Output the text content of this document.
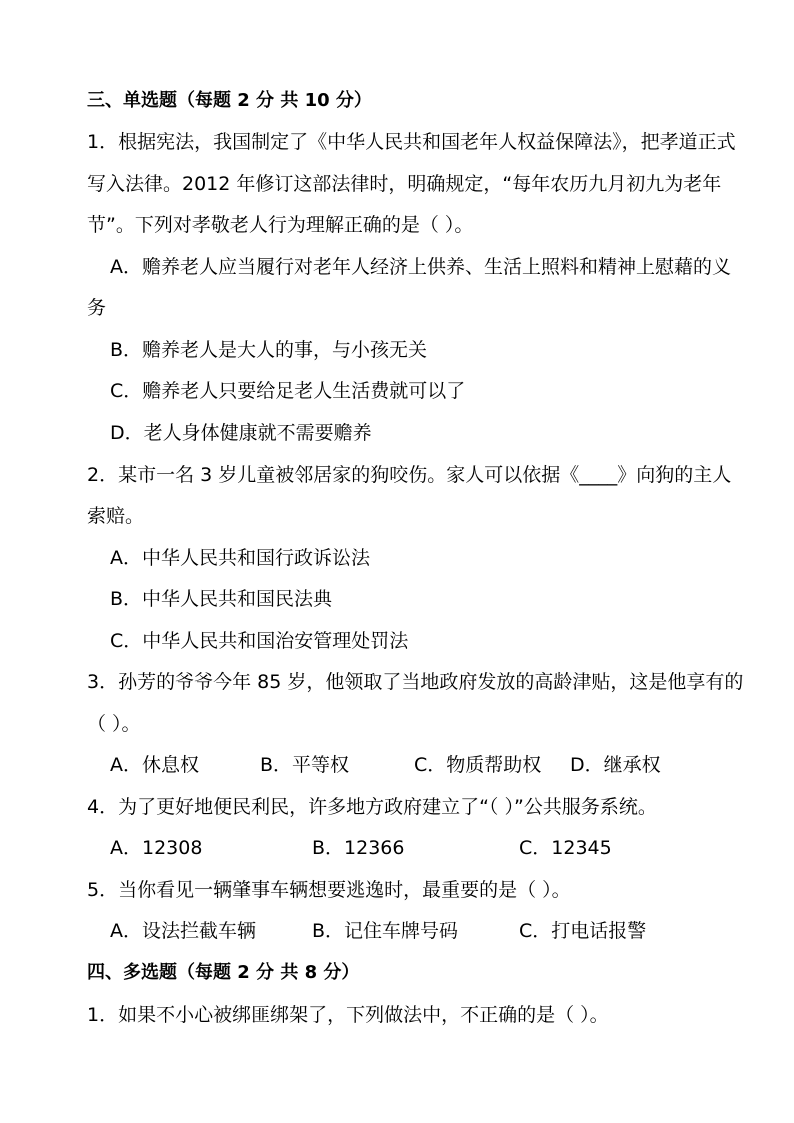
三、单选题（每题 2 分 共 10 分）
1．根据宪法，我国制定了《中华人民共和国老年人权益保障法》，把孝道正式
写入法律。2012 年修订这部法律时，明确规定，“每年农历九月初九为老年
节”。下列对孝敬老人行为理解正确的是（ ）。
A．赡养老人应当履行对老年人经济上供养、生活上照料和精神上慰藉的义
务
B．赡养老人是大人的事，与小孩无关
C．赡养老人只要给足老人生活费就可以了
D．老人身体健康就不需要赡养
2．某市一名 3 岁儿童被邻居家的狗咬伤。家人可以依据《____》向狗的主人
索赔。
A．中华人民共和国行政诉讼法
B．中华人民共和国民法典
C．中华人民共和国治安管理处罚法
3．孙芳的爷爷今年 85 岁，他领取了当地政府发放的高龄津贴，这是他享有的
（ ）。
A．休息权	B．平等权	C．物质帮助权 D．继承权
4．为了更好地便民利民，许多地方政府建立了“（ ）”公共服务系统。
A．12308	B．12366	C．12345
5．当你看见一辆肇事车辆想要逃逸时，最重要的是（ ）。
A．设法拦截车辆	B．记住车牌号码	C．打电话报警
四、多选题（每题 2 分 共 8 分）
1．如果不小心被绑匪绑架了，下列做法中，不正确的是（ ）。
